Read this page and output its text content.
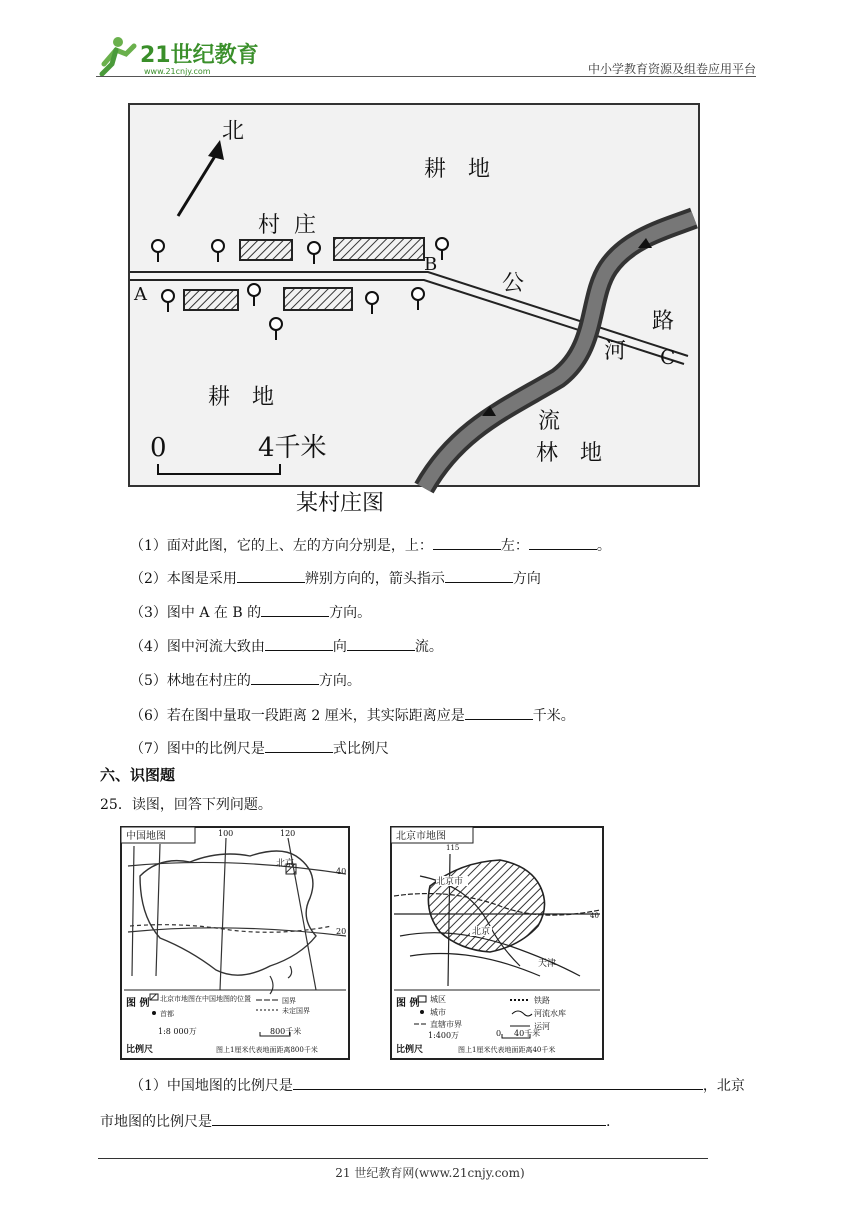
21世纪教育
www.21cnjy.com	中小学教育资源及组卷应用平台
北
耕　地
村庄
A
B
C
公
路
河
流
耕　地
林　地
0	4千米
某村庄图
（1）面对此图，它的上、左的方向分别是，上：	左：	。
（2）本图是采用	辨别方向的，箭头指示	方向
（3）图中 A 在 B 的	方向。
（4）图中河流大致由	向	流。
（5）林地在村庄的	方向。
（6）若在图中量取一段距离 2 厘米，其实际距离应是	千米。
（7）图中的比例尺是	式比例尺
六、识图题
25．读图，回答下列问题。
中国地图	100	120
40
20
北京
图 例 北京市地图在中国地图的位置
首都
国界
未定国界
1:8 000万	800千米
比例尺	图上1厘米代表地面距离800千米
北京市地图
115
40
北京市
北京
天津
图 例 城区
城市
直辖市界
铁路
河流水库
运河
1:400万	0 40千米
比例尺	图上1厘米代表地面距离40千米
（1）中国地图的比例尺是	，北京
市地图的比例尺是	.
21 世纪教育网(www.21cnjy.com)
